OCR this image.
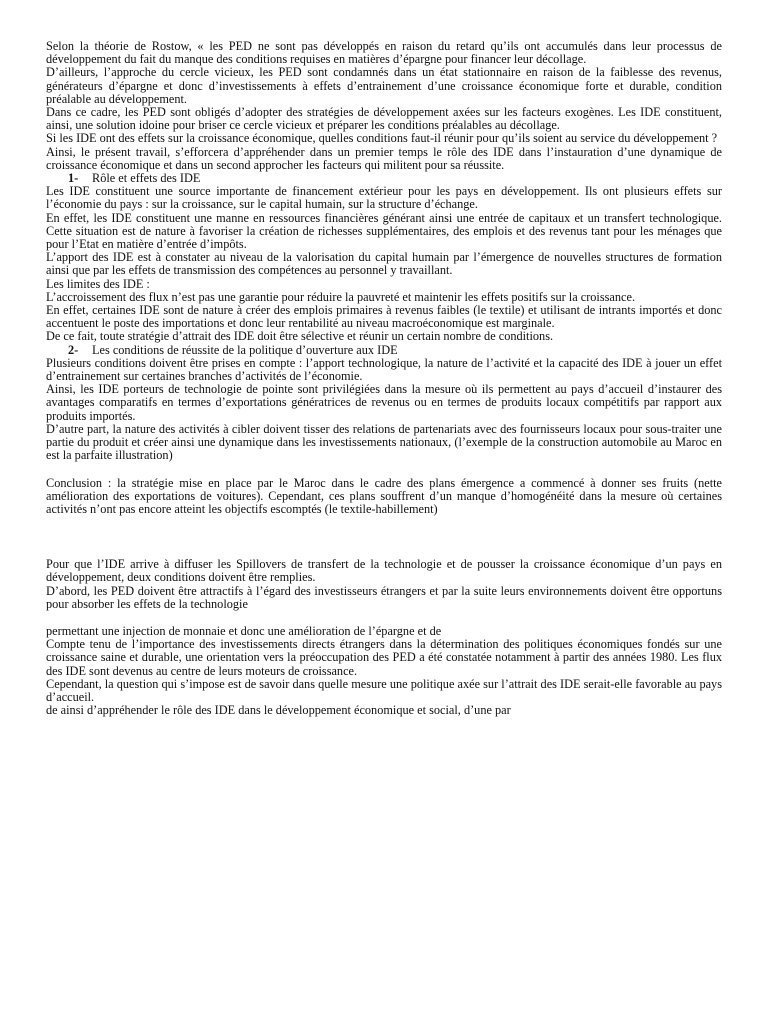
Selon la théorie de Rostow, « les PED ne sont pas développés en raison du retard qu’ils ont accumulés dans leur processus de développement du fait du manque des conditions requises en matières d’épargne pour financer leur décollage.

D’ailleurs, l’approche du cercle vicieux, les PED sont condamnés dans un état stationnaire en raison de la faiblesse des revenus, générateurs d’épargne et donc d’investissements à effets d’entrainement d’une croissance économique forte et durable, condition préalable au développement.

Dans ce cadre, les PED sont obligés d’adopter des stratégies de développement axées sur les facteurs exogènes. Les IDE constituent, ainsi, une solution idoine pour briser ce cercle vicieux et préparer les conditions préalables au décollage.

Si les IDE ont des effets sur la croissance économique, quelles conditions faut-il réunir pour qu’ils soient au service du développement ?

Ainsi, le présent travail, s’efforcera d’appréhender dans un premier temps le rôle des IDE dans l’instauration d’une dynamique de croissance économique et dans un second approcher les facteurs qui militent pour sa réussite.

1- Rôle et effets des IDE

Les IDE constituent une source importante de financement extérieur pour les pays en développement. Ils ont plusieurs effets sur l’économie du pays : sur la croissance, sur le capital humain, sur la structure d’échange.

En effet, les IDE constituent une manne en ressources financières générant ainsi une entrée de capitaux et un transfert technologique. Cette situation est de nature à favoriser la création de richesses supplémentaires, des emplois et des revenus tant pour les ménages que pour l’Etat en matière d’entrée d’impôts.

L’apport des IDE est à constater au niveau de la valorisation du capital humain par l’émergence de nouvelles structures de formation ainsi que par les effets de transmission des compétences au personnel y travaillant.

Les limites des IDE :

L’accroissement des flux n’est pas une garantie pour réduire la pauvreté et maintenir les effets positifs sur la croissance.

En effet, certaines IDE sont de nature à créer des emplois primaires à revenus faibles (le textile) et utilisant de intrants importés et donc accentuent le poste des importations et donc leur rentabilité au niveau macroéconomique est marginale.

De ce fait, toute stratégie d’attrait des IDE doit être sélective et réunir un certain nombre de conditions.

2- Les conditions de réussite de la politique d’ouverture aux IDE

Plusieurs conditions doivent être prises en compte : l’apport technologique, la nature de l’activité et la capacité des IDE à jouer un effet d’entrainement sur certaines branches d’activités de l’économie.

Ainsi, les IDE porteurs de technologie de pointe sont privilégiées dans la mesure où ils permettent au pays d’accueil d’instaurer des avantages comparatifs en termes d’exportations génératrices de revenus ou en termes de produits locaux compétitifs par rapport aux produits importés.

D’autre part, la nature des activités à cibler doivent tisser des relations de partenariats avec des fournisseurs locaux pour sous-traiter une partie du produit et créer ainsi une dynamique dans les investissements nationaux, (l’exemple de la construction automobile au Maroc en est la parfaite illustration)

Conclusion : la stratégie mise en place par le Maroc dans le cadre des plans émergence a commencé à donner ses fruits (nette amélioration des exportations de voitures). Cependant, ces plans souffrent d’un manque d’homogénéité dans la mesure où certaines activités n’ont pas encore atteint les objectifs escomptés (le textile-habillement)

Pour que l’IDE arrive à diffuser les Spillovers de transfert de la technologie et de pousser la croissance économique d’un pays en développement, deux conditions doivent être remplies.

D’abord, les PED doivent être attractifs à l’égard des investisseurs étrangers et par la suite leurs environnements doivent être opportuns pour absorber les effets de la technologie

permettant une injection de monnaie et donc une amélioration de l’épargne et de

Compte tenu de l’importance des investissements directs étrangers dans la détermination des politiques économiques fondés sur une croissance saine et durable, une orientation vers la préoccupation des PED a été constatée notamment à partir des années 1980. Les flux des IDE sont devenus au centre de leurs moteurs de croissance.

Cependant, la question qui s’impose est de savoir dans quelle mesure une politique axée sur l’attrait des IDE serait-elle favorable au pays d’accueil.

de ainsi d’appréhender le rôle des IDE dans le développement économique et social, d’une par
